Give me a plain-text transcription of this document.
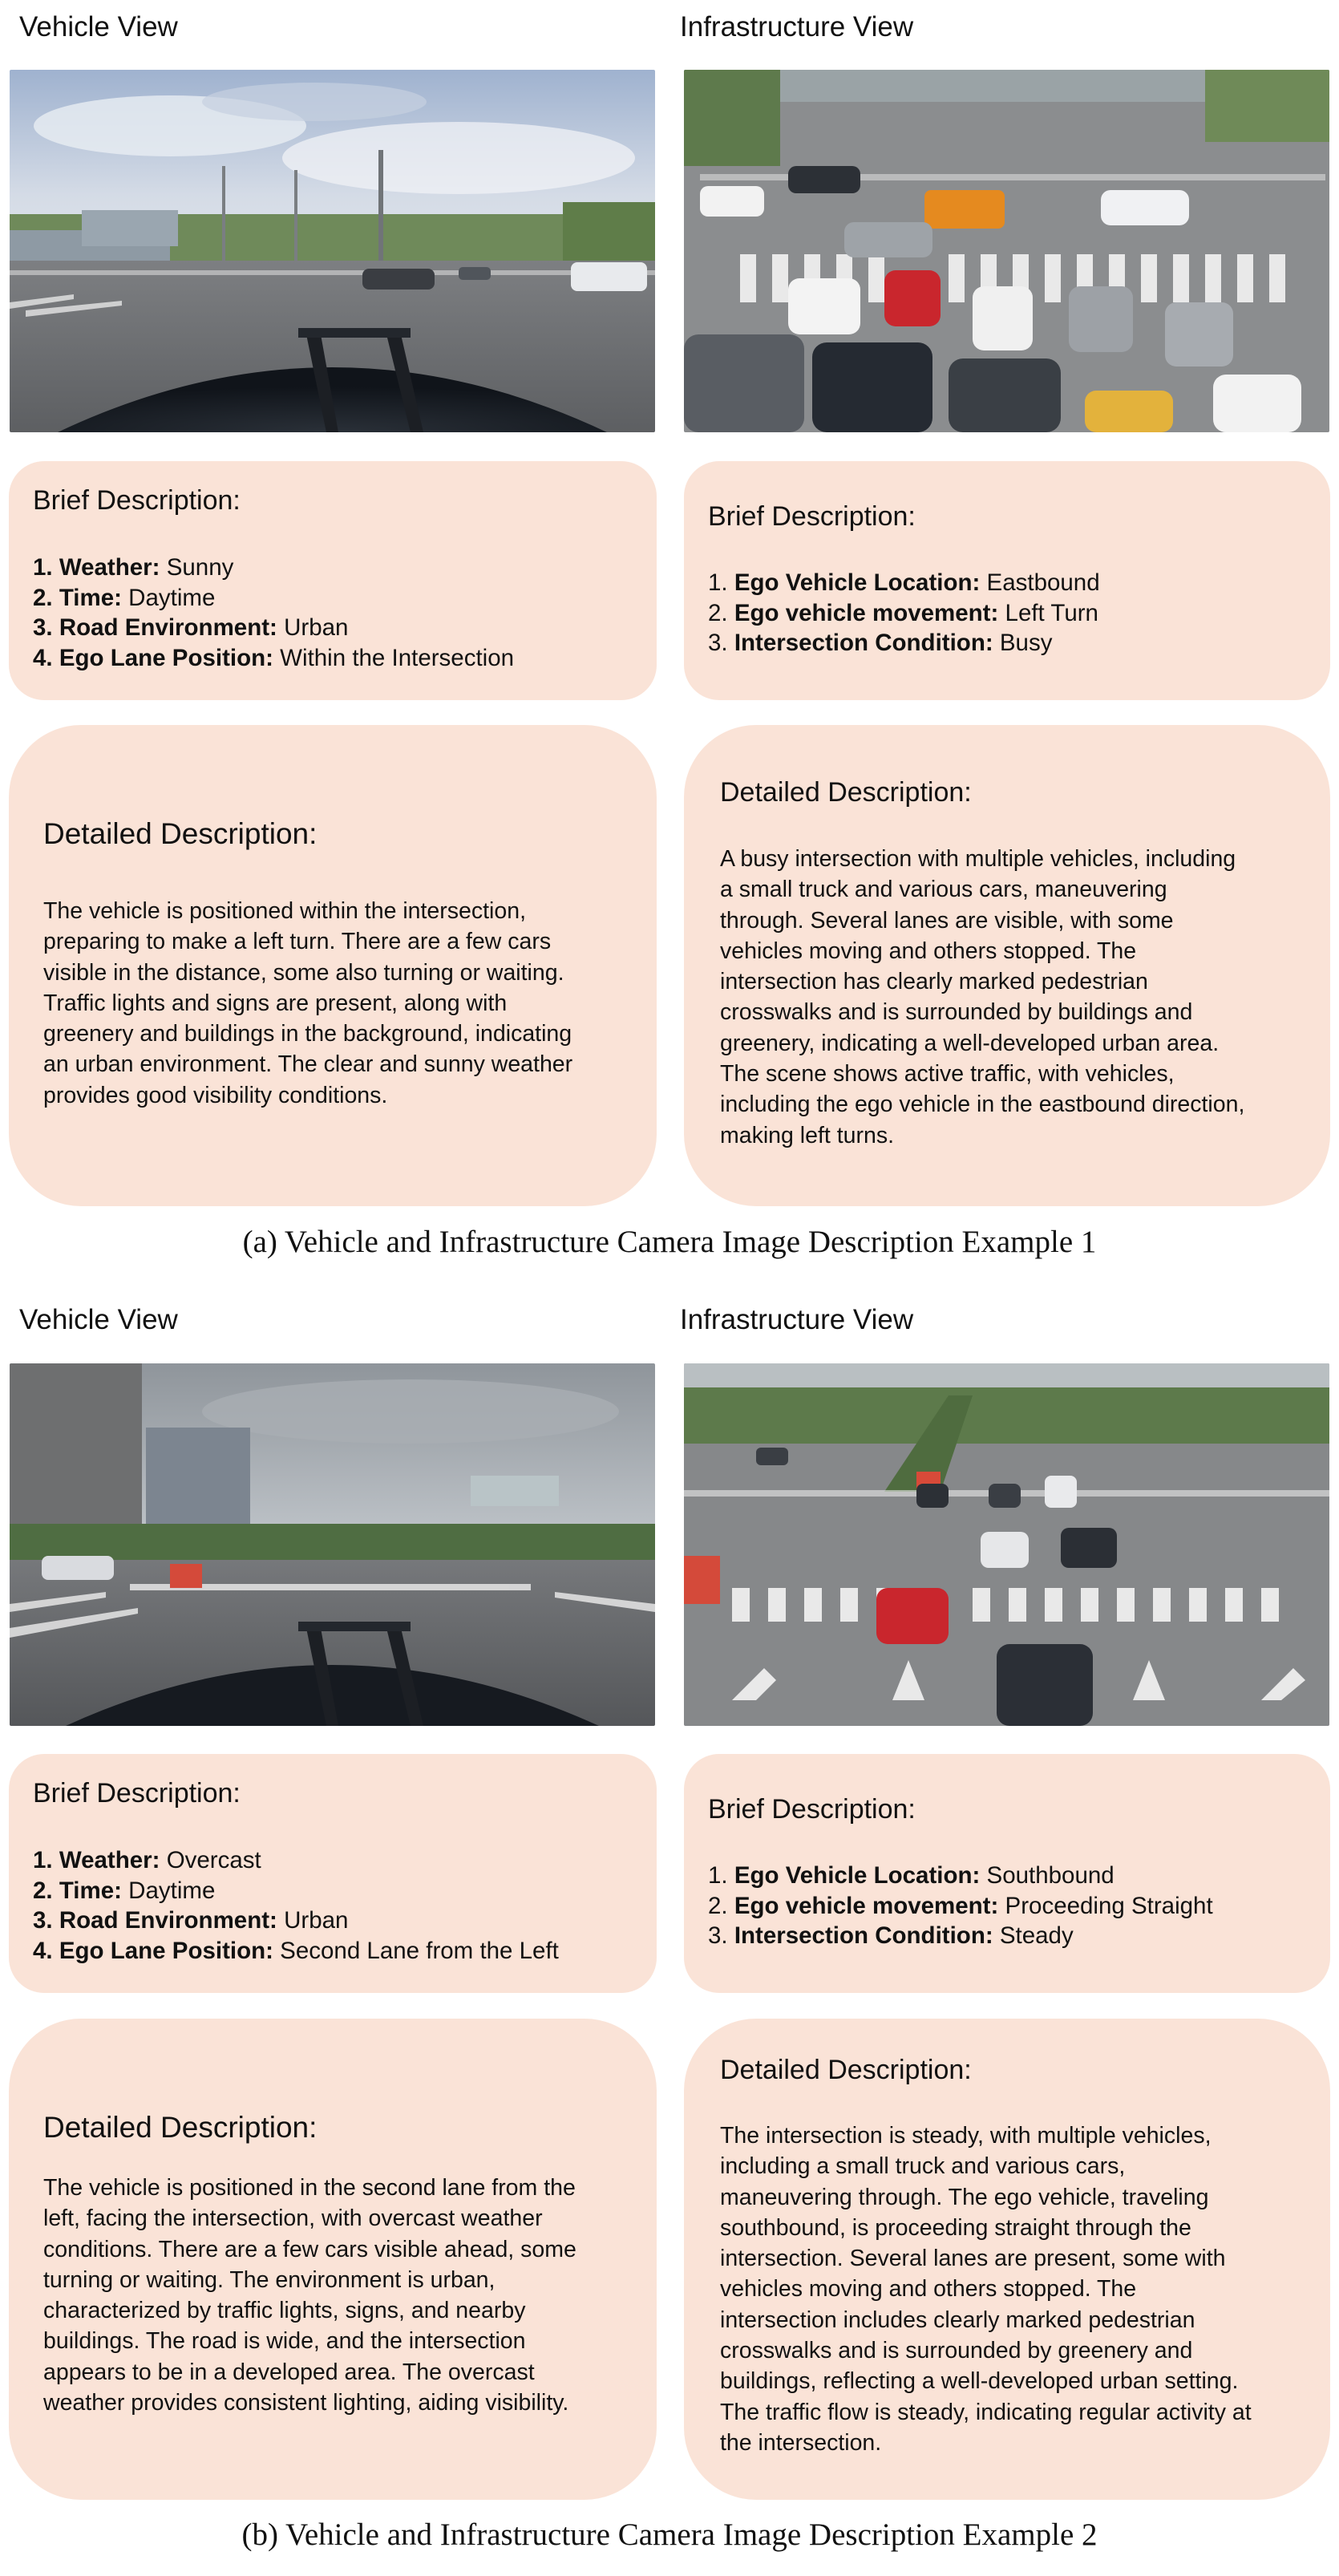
Vehicle View	Infrastructure View
Brief Description:
1. Weather: Sunny
2. Time: Daytime
3. Road Environment: Urban
4. Ego Lane Position: Within the Intersection
Brief Description:
1. Ego Vehicle Location: Eastbound
2. Ego vehicle movement: Left Turn
3. Intersection Condition: Busy
Detailed Description:
The vehicle is positioned within the intersection,
preparing to make a left turn. There are a few cars
visible in the distance, some also turning or waiting.
Traffic lights and signs are present, along with
greenery and buildings in the background, indicating
an urban environment. The clear and sunny weather
provides good visibility conditions.
Detailed Description:
A busy intersection with multiple vehicles, including
a small truck and various cars, maneuvering
through. Several lanes are visible, with some
vehicles moving and others stopped. The
intersection has clearly marked pedestrian
crosswalks and is surrounded by buildings and
greenery, indicating a well-developed urban area.
The scene shows active traffic, with vehicles,
including the ego vehicle in the eastbound direction,
making left turns.
(a) Vehicle and Infrastructure Camera Image Description Example 1
Vehicle View	Infrastructure View
Brief Description:
1. Weather: Overcast
2. Time: Daytime
3. Road Environment: Urban
4. Ego Lane Position: Second Lane from the Left
Brief Description:
1. Ego Vehicle Location: Southbound
2. Ego vehicle movement: Proceeding Straight
3. Intersection Condition: Steady
Detailed Description:
The vehicle is positioned in the second lane from the
left, facing the intersection, with overcast weather
conditions. There are a few cars visible ahead, some
turning or waiting. The environment is urban,
characterized by traffic lights, signs, and nearby
buildings. The road is wide, and the intersection
appears to be in a developed area. The overcast
weather provides consistent lighting, aiding visibility.
Detailed Description:
The intersection is steady, with multiple vehicles,
including a small truck and various cars,
maneuvering through. The ego vehicle, traveling
southbound, is proceeding straight through the
intersection. Several lanes are present, some with
vehicles moving and others stopped. The
intersection includes clearly marked pedestrian
crosswalks and is surrounded by greenery and
buildings, reflecting a well-developed urban setting.
The traffic flow is steady, indicating regular activity at
the intersection.
(b) Vehicle and Infrastructure Camera Image Description Example 2
